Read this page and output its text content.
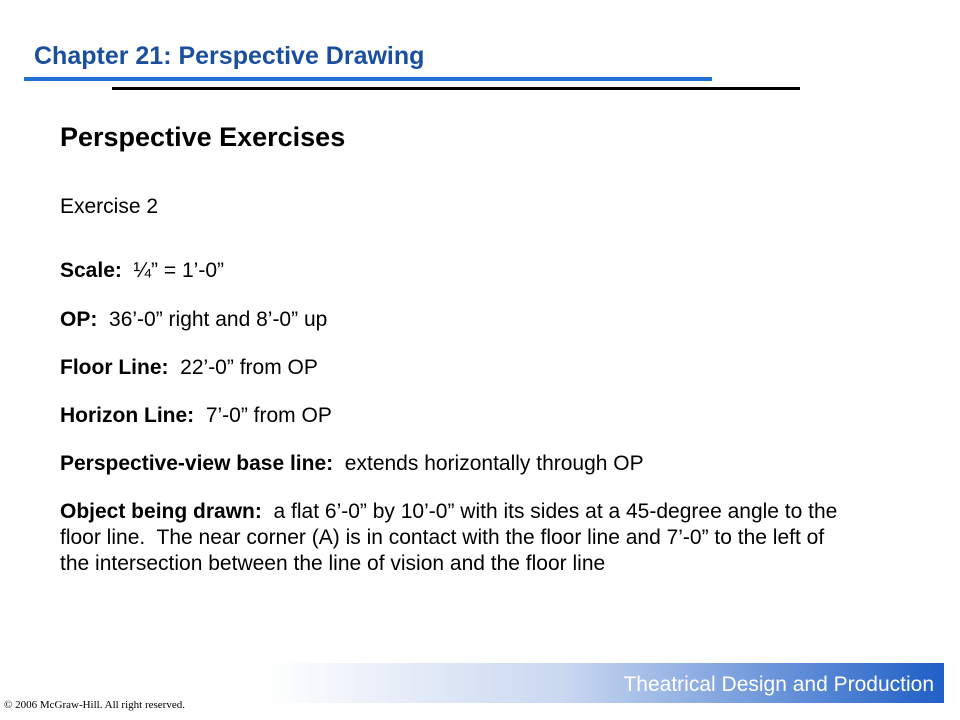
Chapter 21: Perspective Drawing
Perspective Exercises
Exercise 2
Scale:  ¼” = 1’-0”
OP:  36’-0” right and 8’-0” up
Floor Line:  22’-0” from OP
Horizon Line:  7’-0” from OP
Perspective-view base line:  extends horizontally through OP
Object being drawn:  a flat 6’-0” by 10’-0” with its sides at a 45-degree angle to the floor line.  The near corner (A) is in contact with the floor line and 7’-0” to the left of the intersection between the line of vision and the floor line
Theatrical Design and Production
© 2006 McGraw-Hill. All right reserved.
